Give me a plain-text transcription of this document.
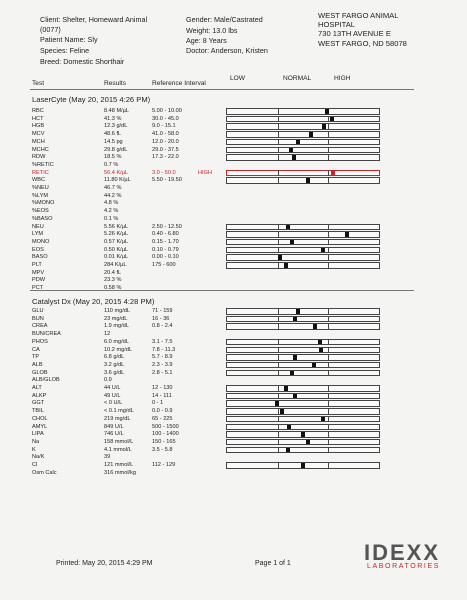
Client: Shelter, Homeward Animal
(0077)
Patient Name: Sly
Species: Feline
Breed: Domestic Shorthair
Gender: Male/Castrated
Weight: 13.0 lbs
Age: 8 Years
Doctor: Anderson, Kristen
WEST FARGO ANIMAL
HOSPITAL
730 13TH AVENUE E
WEST FARGO, ND 58078
Test	Results	Reference Interval
LOW	NORMAL	HIGH
LaserCyte (May 20, 2015 4:26 PM)
RBC	8.48 M/µL	5.00 - 10.00
HCT	41.3 %	30.0 - 45.0
HGB	12.3 g/dL	9.0 - 15.1
MCV	48.6 fL	41.0 - 58.0
MCH	14.5 pg	12.0 - 20.0
MCHC	29.8 g/dL	29.0 - 37.5
RDW	18.5 %	17.3 - 22.0
%RETIC	0.7 %
RETIC	56.4 K/µL	3.0 - 50.0	HIGH
WBC	11.80 K/µL	5.50 - 19.50
%NEU	46.7 %
%LYM	44.2 %
%MONO	4.8 %
%EOS	4.2 %
%BASO	0.1 %
NEU	5.56 K/µL	2.50 - 12.50
LYM	5.26 K/µL	0.40 - 6.80
MONO	0.57 K/µL	0.15 - 1.70
EOS	0.50 K/µL	0.10 - 0.79
BASO	0.01 K/µL	0.00 - 0.10
PLT	284 K/µL	175 - 600
MPV	20.4 fL
PDW	23.3 %
PCT	0.58 %
Catalyst Dx (May 20, 2015 4:28 PM)
GLU	110 mg/dL	71 - 159
BUN	23 mg/dL	16 - 36
CREA	1.9 mg/dL	0.8 - 2.4
BUN/CREA	12
PHOS	6.0 mg/dL	3.1 - 7.5
CA	10.2 mg/dL	7.8 - 11.3
TP	6.8 g/dL	5.7 - 8.9
ALB	3.2 g/dL	2.3 - 3.9
GLOB	3.6 g/dL	2.8 - 5.1
ALB/GLOB	0.9
ALT	44 U/L	12 - 130
ALKP	49 U/L	14 - 111
GGT	< 0 U/L	0 - 1
TBIL	< 0.1 mg/dL	0.0 - 0.9
CHOL	219 mg/dL	65 - 225
AMYL	849 U/L	500 - 1500
LIPA	746 U/L	100 - 1400
Na	158 mmol/L	150 - 165
K	4.1 mmol/L	3.5 - 5.8
Na/K	39
Cl	121 mmol/L	112 - 129
Osm Calc	316 mmol/kg
Printed: May 20, 2015 4:29 PM	Page 1 of 1	IDEXX
LABORATORIES
